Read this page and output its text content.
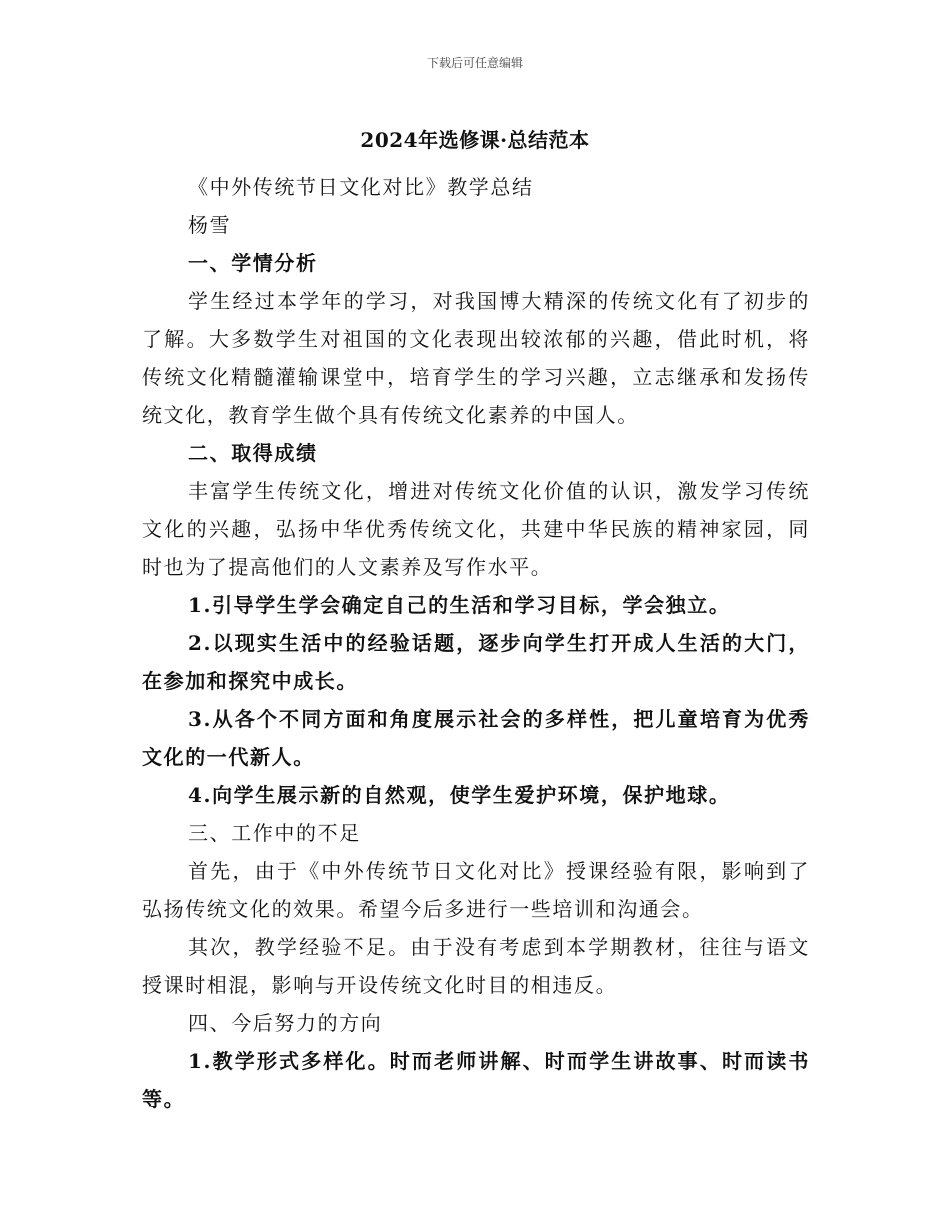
下载后可任意编辑
2024年选修课·总结范本

《中外传统节日文化对比》教学总结

杨雪

一、学情分析

学生经过本学年的学习，对我国博大精深的传统文化有了初步的了解。大多数学生对祖国的文化表现出较浓郁的兴趣，借此时机，将传统文化精髓灌输课堂中，培育学生的学习兴趣，立志继承和发扬传统文化，教育学生做个具有传统文化素养的中国人。

二、取得成绩

丰富学生传统文化，增进对传统文化价值的认识，激发学习传统文化的兴趣，弘扬中华优秀传统文化，共建中华民族的精神家园，同时也为了提高他们的人文素养及写作水平。

1.引导学生学会确定自己的生活和学习目标，学会独立。

2.以现实生活中的经验话题，逐步向学生打开成人生活的大门，在参加和探究中成长。

3.从各个不同方面和角度展示社会的多样性，把儿童培育为优秀文化的一代新人。

4.向学生展示新的自然观，使学生爱护环境，保护地球。

三、工作中的不足

首先，由于《中外传统节日文化对比》授课经验有限，影响到了弘扬传统文化的效果。希望今后多进行一些培训和沟通会。

其次，教学经验不足。由于没有考虑到本学期教材，往往与语文授课时相混，影响与开设传统文化时目的相违反。

四、今后努力的方向

1.教学形式多样化。时而老师讲解、时而学生讲故事、时而读书等。
